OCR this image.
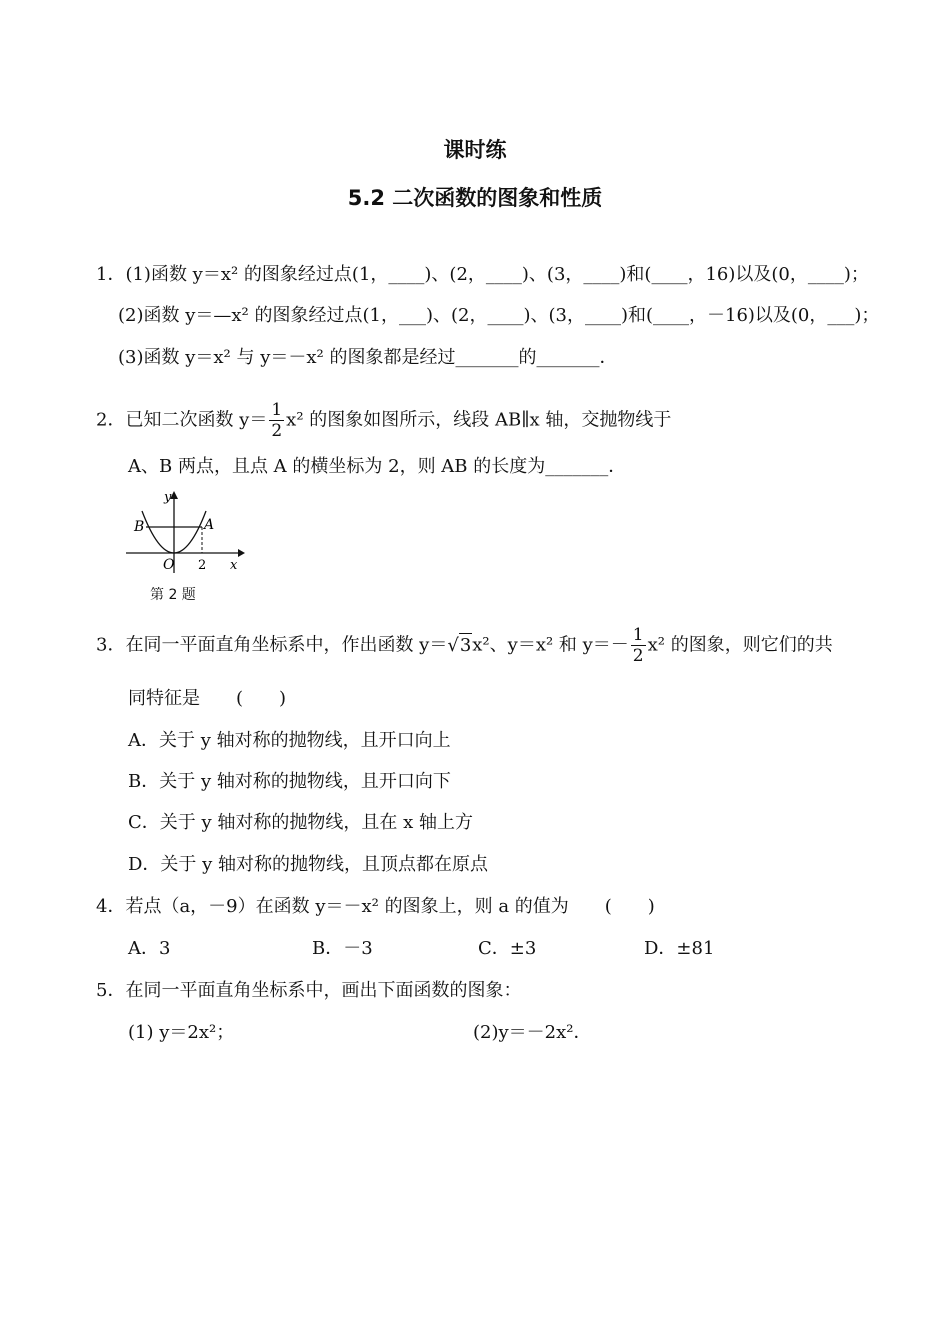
课时练
5.2 二次函数的图象和性质
1．(1)函数 y＝x² 的图象经过点(1，____)、(2，____)、(3，____)和(____，16)以及(0，____)；
(2)函数 y＝—x² 的图象经过点(1，___)、(2，____)、(3，____)和(____，－16)以及(0，___)；
(3)函数 y＝x² 与 y＝－x² 的图象都是经过_______的_______．
2．已知二次函数 $y= \frac{1}{2} x^2$ 的图象如图所示，线段 AB∥x 轴，交抛物线于
A、B 两点，且点 A 的横坐标为 2，则 AB 的长度为_______．
B	A
O 2
y
x
第 2 题
3．在同一平面直角坐标系中，作出函数 y＝√3x²、y＝x² 和 $y=- \frac{1}{2} x^2$ 的图象，则它们的共
同特征是　　(　　)
A．关于 y 轴对称的抛物线，且开口向上
B．关于 y 轴对称的抛物线，且开口向下
C．关于 y 轴对称的抛物线，且在 x 轴上方
D．关于 y 轴对称的抛物线，且顶点都在原点
4．若点（a，－9）在函数 y＝－x² 的图象上，则 a 的值为　　(　　)
A．3	B．－3	C．±3	D．±81
5．在同一平面直角坐标系中，画出下面函数的图象：
(1) y＝2x²；	(2)y＝－2x²．
